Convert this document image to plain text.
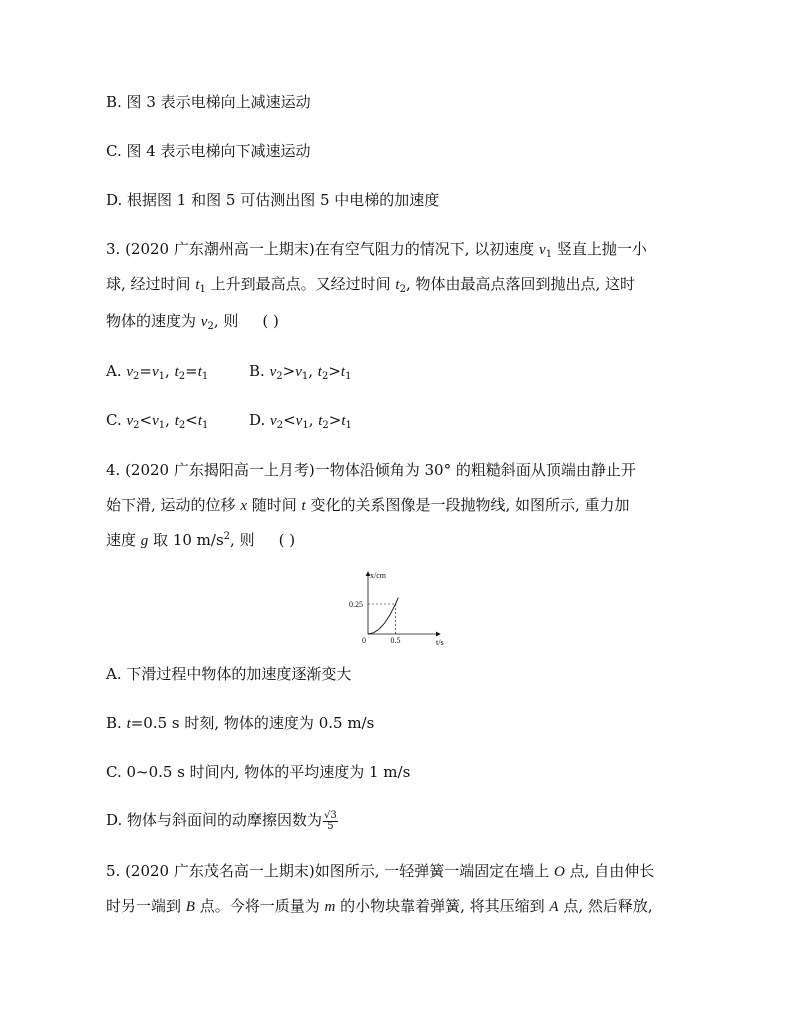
B. 图 3 表示电梯向上减速运动
C. 图 4 表示电梯向下减速运动
D. 根据图 1 和图 5 可估测出图 5 中电梯的加速度
3. (2020 广东潮州高一上期末)在有空气阻力的情况下, 以初速度 $v_1$ 竖直上抛一小
球, 经过时间 $t_1$ 上升到最高点。又经过时间 $t_2$, 物体由最高点落回到抛出点, 这时
物体的速度为 $v_2$, 则 ( )
A. $v_2=v_1$, $t_2=t_1$	B. $v_2>v_1$, $t_2>t_1$
C. $v_2<v_1$, $t_2<t_1$	D. $v_2<v_1$, $t_2>t_1$
4. (2020 广东揭阳高一上月考)一物体沿倾角为 30° 的粗糙斜面从顶端由静止开
始下滑, 运动的位移 x 随时间 t 变化的关系图像是一段抛物线, 如图所示, 重力加
速度 g 取 10 $m/s^2$, 则 ( )
x/cm
t/s
0.25
0.5
0
A. 下滑过程中物体的加速度逐渐变大
B. t=0.5 s 时刻, 物体的速度为 0.5 m/s
C. 0~0.5 s 时间内, 物体的平均速度为 1 m/s
D. 物体与斜面间的动摩擦因数为 $\frac{√3}{5}$
5. (2020 广东茂名高一上期末)如图所示, 一轻弹簧一端固定在墙上 O 点, 自由伸长
时另一端到 B 点。今将一质量为 m 的小物块靠着弹簧, 将其压缩到 A 点, 然后释放,
